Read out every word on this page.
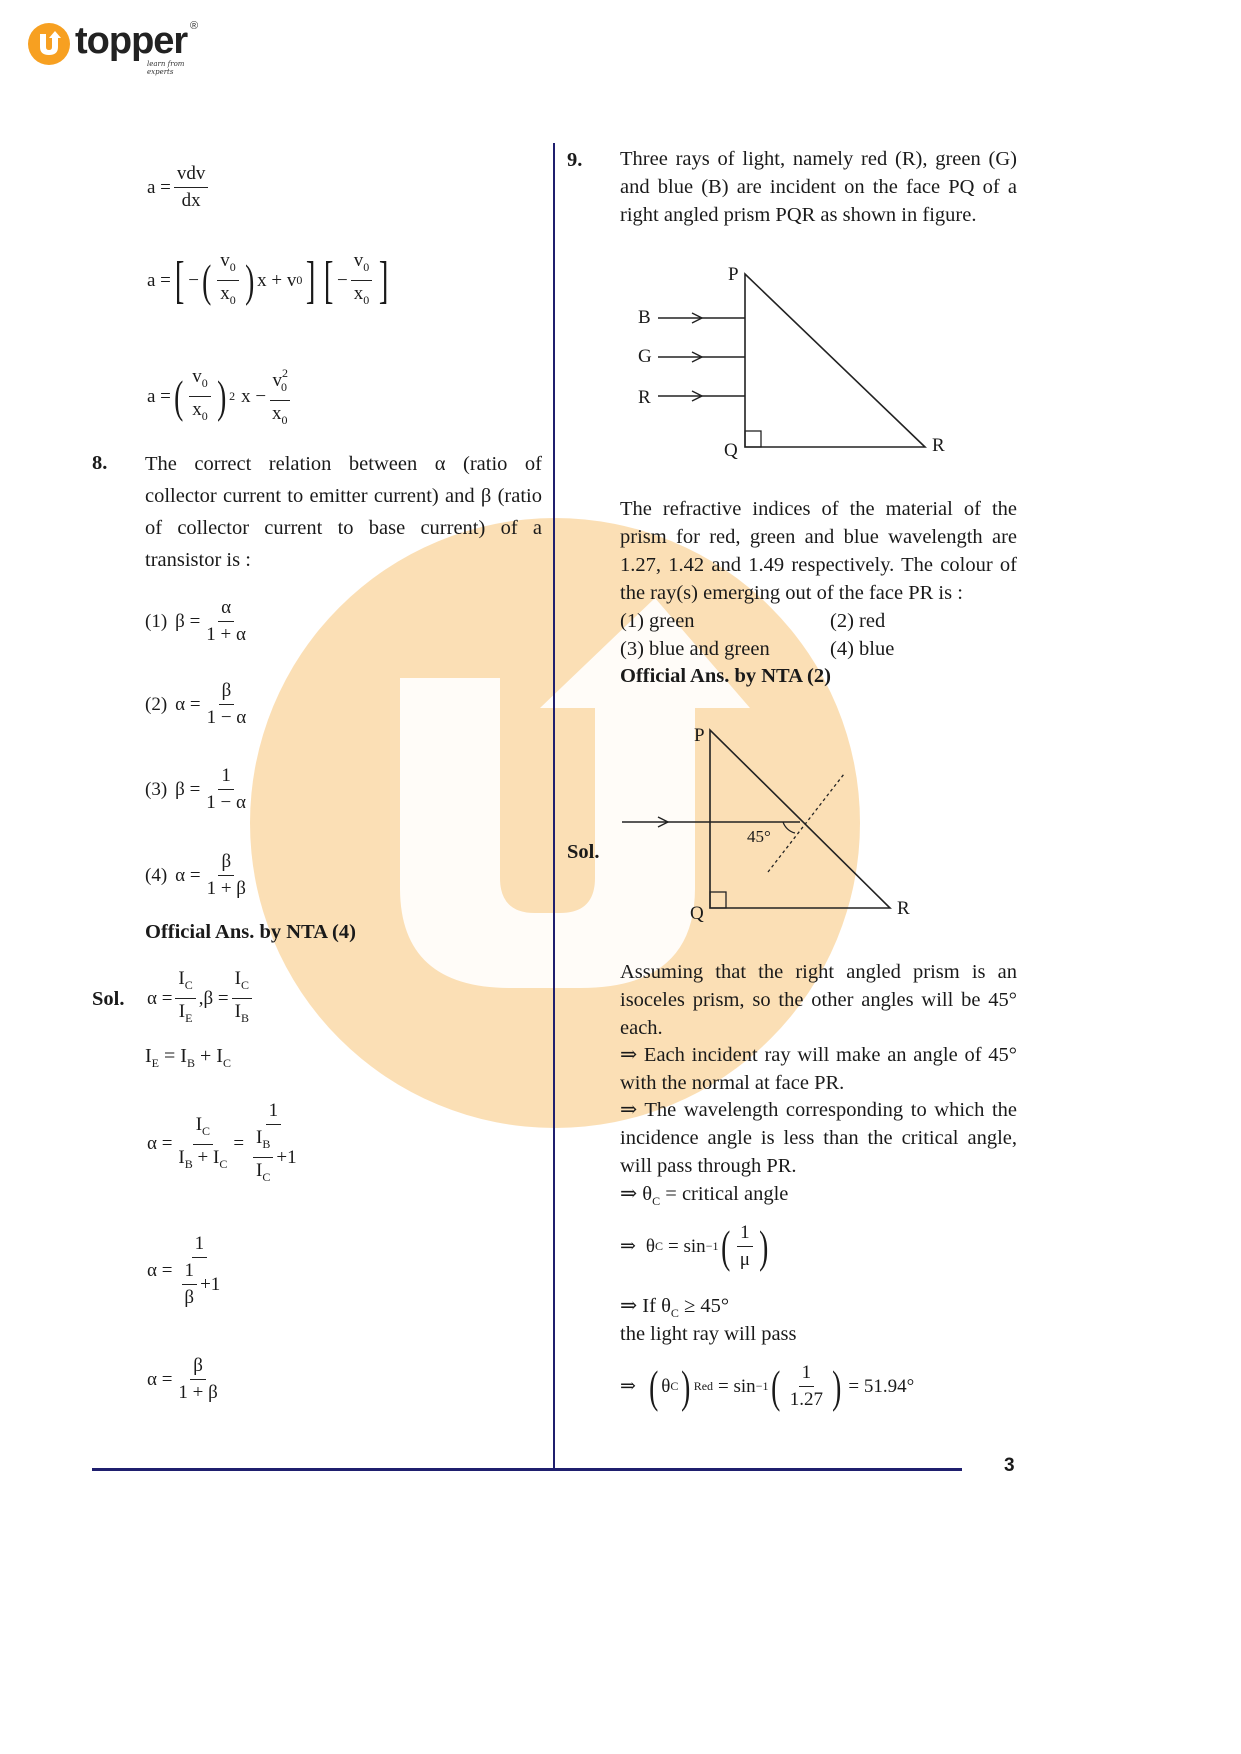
topper ®
learn from experts
3
$a = \frac{\text{vdv}}{dx}$
a = [ − ( $\frac{v_0}{x_0}$ ) x + v 0 ] [ − $\frac{v_0}{x_0}$ ]
a = ( $\frac{v_0}{x_0}$ ) 2 $x - \frac{v^2_0}{x_0}$
8. The correct relation between α (ratio of collector current to emitter current) and β (ratio of collector current to base current) of a transistor is :
(1) $\beta = \frac{\alpha}{1 + \alpha}$
(2) $\alpha = \frac{\beta}{1 - \alpha}$
(3) $\beta = \frac{1}{1 - \alpha}$
(4) $\alpha = \frac{\beta}{1 + \beta}$
Official Ans. by NTA (4)
Sol. $\alpha = \frac{I_C}{I_E} ,\beta = \frac{I_C}{I_B}$
$I_E = I_B + I_C$
$\alpha = \frac{I_C}{I_B + I_C} = \frac{1}{\frac{I_B}{I_C} +1}$
$\alpha = \frac{1}{\frac{1}{\beta} +1}$
$\alpha = \frac{\beta}{1 + \beta}$
9. Three rays of light, namely red (R), green (G) and blue (B) are incident on the face PQ of a right angled prism PQR as shown in figure.
P
Q	R
B
G
R
The refractive indices of the material of the prism for red, green and blue wavelength are 1.27, 1.42 and 1.49 respectively. The colour of the ray(s) emerging out of the face PR is :
(1) green	(2) red
(3) blue and green	(4) blue
Official Ans. by NTA (2)
Sol.
P
Q	R
45°
Assuming that the right angled prism is an isoceles prism, so the other angles will be 45° each.
⇒ Each incident ray will make an angle of 45° with the normal at face PR.
⇒ The wavelength corresponding to which the incidence angle is less than the critical angle, will pass through PR.
⇒ $\theta_C$ = critical angle
⇒ θ C = sin −1 ( $\frac{1}{\mu}$ )
⇒ If $\theta_C \ge 45^\circ$
the light ray will pass
⇒ ( θ C ) Red = sin −1 ( $\frac{1}{1.27}$ ) = 51.94°
